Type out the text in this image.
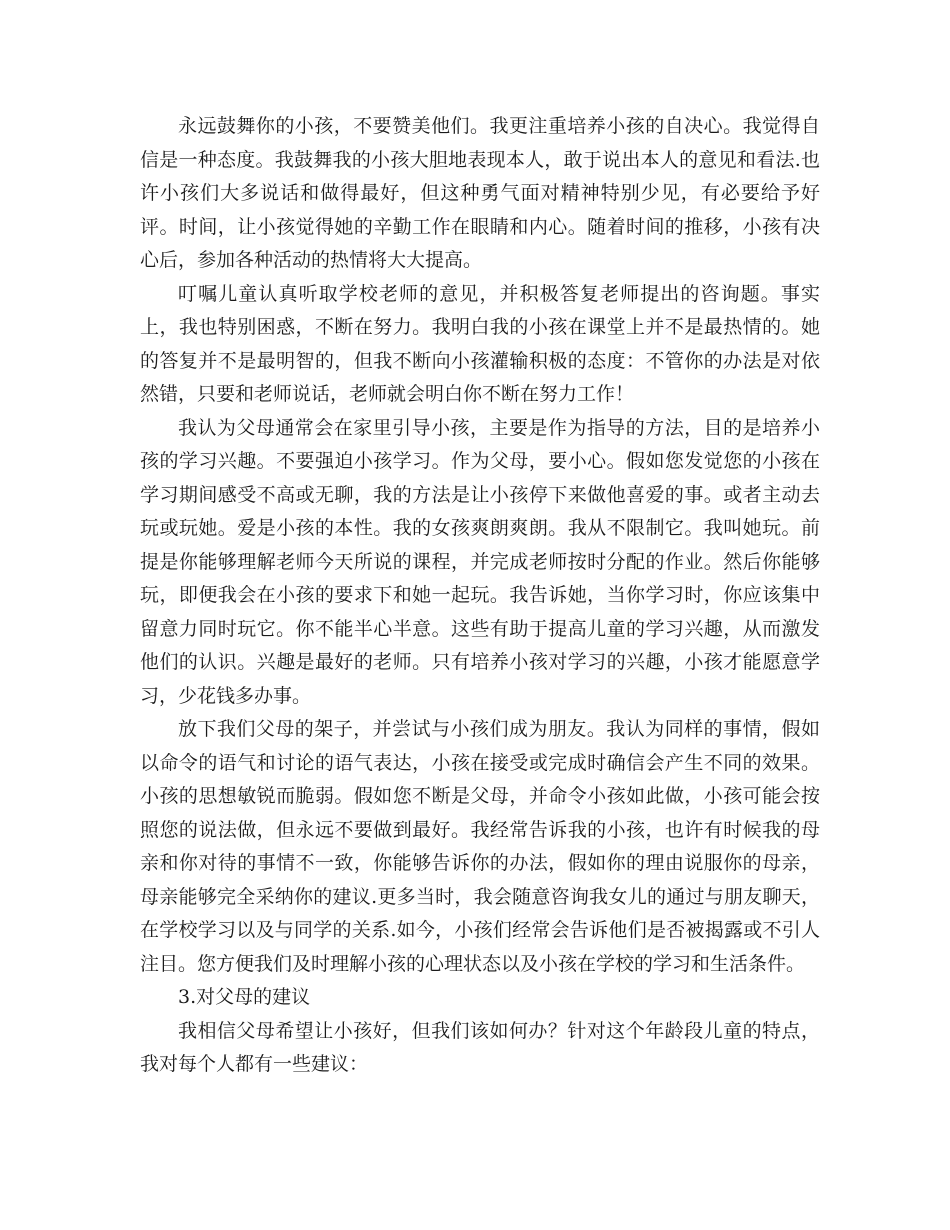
永远鼓舞你的小孩，不要赞美他们。我更注重培养小孩的自决心。我觉得自信是一种态度。我鼓舞我的小孩大胆地表现本人，敢于说出本人的意见和看法.也许小孩们大多说话和做得最好，但这种勇气面对精神特别少见，有必要给予好评。时间，让小孩觉得她的辛勤工作在眼睛和内心。随着时间的推移，小孩有决心后，参加各种活动的热情将大大提高。

叮嘱儿童认真听取学校老师的意见，并积极答复老师提出的咨询题。事实上，我也特别困惑，不断在努力。我明白我的小孩在课堂上并不是最热情的。她的答复并不是最明智的，但我不断向小孩灌输积极的态度：不管你的办法是对依然错，只要和老师说话，老师就会明白你不断在努力工作！

我认为父母通常会在家里引导小孩，主要是作为指导的方法，目的是培养小孩的学习兴趣。不要强迫小孩学习。作为父母，要小心。假如您发觉您的小孩在学习期间感受不高或无聊，我的方法是让小孩停下来做他喜爱的事。或者主动去玩或玩她。爱是小孩的本性。我的女孩爽朗爽朗。我从不限制它。我叫她玩。前提是你能够理解老师今天所说的课程，并完成老师按时分配的作业。然后你能够玩，即便我会在小孩的要求下和她一起玩。我告诉她，当你学习时，你应该集中留意力同时玩它。你不能半心半意。这些有助于提高儿童的学习兴趣，从而激发他们的认识。兴趣是最好的老师。只有培养小孩对学习的兴趣，小孩才能愿意学习，少花钱多办事。

放下我们父母的架子，并尝试与小孩们成为朋友。我认为同样的事情，假如以命令的语气和讨论的语气表达，小孩在接受或完成时确信会产生不同的效果。小孩的思想敏锐而脆弱。假如您不断是父母，并命令小孩如此做，小孩可能会按照您的说法做，但永远不要做到最好。我经常告诉我的小孩，也许有时候我的母亲和你对待的事情不一致，你能够告诉你的办法，假如你的理由说服你的母亲，母亲能够完全采纳你的建议.更多当时，我会随意咨询我女儿的通过与朋友聊天，在学校学习以及与同学的关系.如今，小孩们经常会告诉他们是否被揭露或不引人注目。您方便我们及时理解小孩的心理状态以及小孩在学校的学习和生活条件。

3.对父母的建议

我相信父母希望让小孩好，但我们该如何办？针对这个年龄段儿童的特点，我对每个人都有一些建议：
